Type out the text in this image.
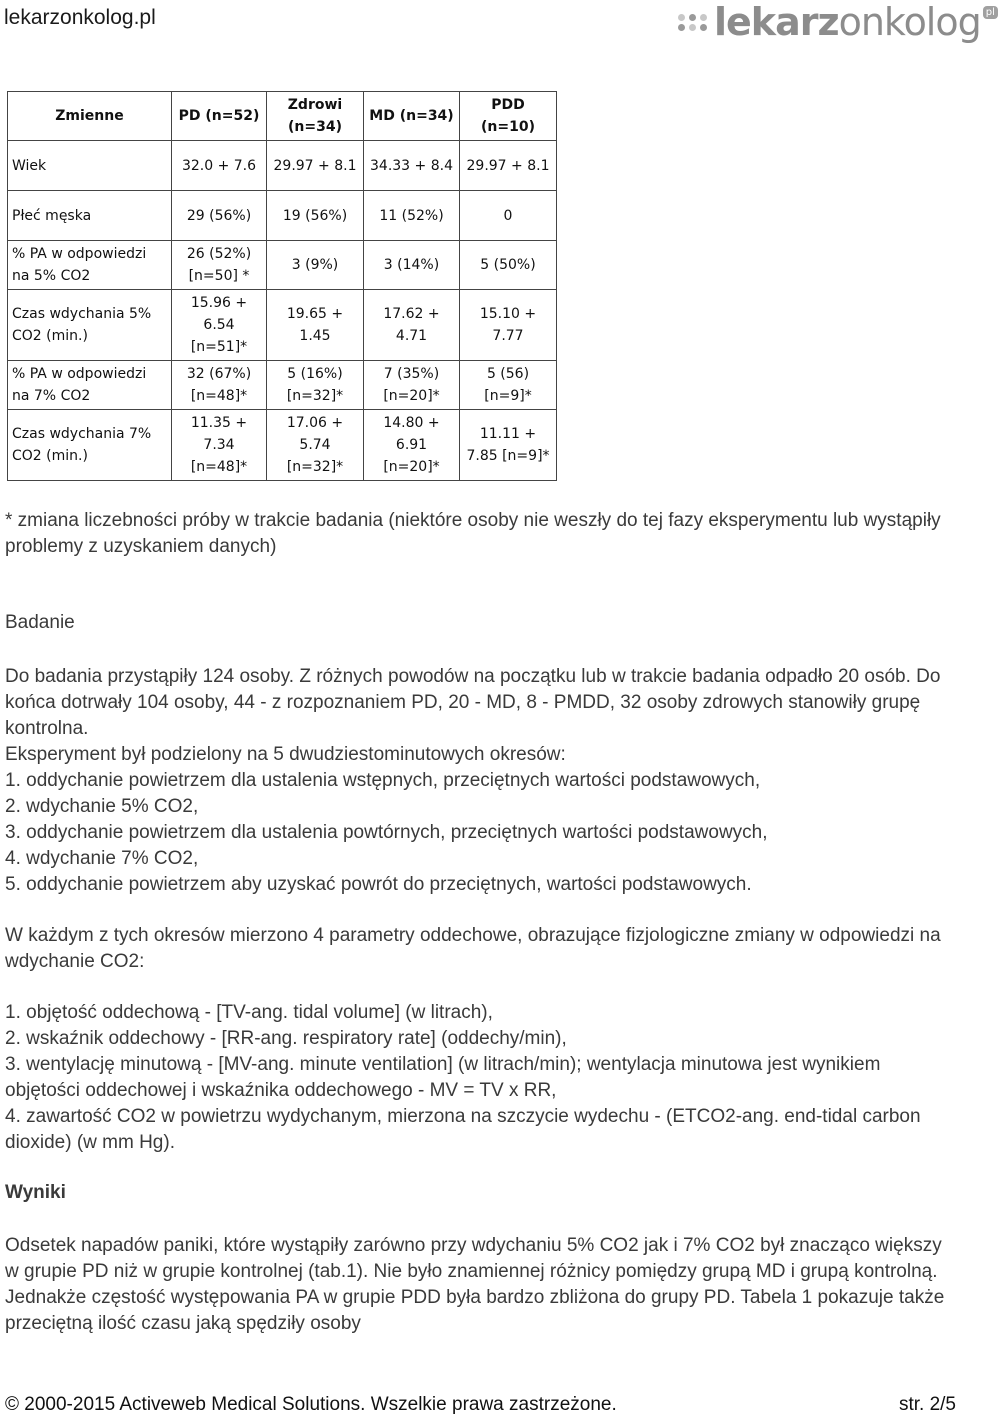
lekarzonkolog.pl	lekarzonkolog pl
Zmienne	PD (n=52)	Zdrowi (n=34)	MD (n=34)	PDD (n=10)
Wiek	32.0 + 7.6	29.97 + 8.1	34.33 + 8.4	29.97 + 8.1
Płeć męska	29 (56%)	19 (56%)	11 (52%)	0
% PA w odpowiedzi na 5% CO2	26 (52%) [n=50] *	3 (9%)	3 (14%)	5 (50%)
Czas wdychania 5% CO2 (min.)	15.96 + 6.54 [n=51]*	19.65 + 1.45	17.62 + 4.71	15.10 + 7.77
% PA w odpowiedzi na 7% CO2	32 (67%) [n=48]*	5 (16%) [n=32]*	7 (35%) [n=20]*	5 (56) [n=9]*
Czas wdychania 7% CO2 (min.)	11.35 + 7.34 [n=48]*	17.06 + 5.74 [n=32]*	14.80 + 6.91 [n=20]*	11.11 + 7.85 [n=9]*

* zmiana liczebności próby w trakcie badania (niektóre osoby nie weszły do tej fazy eksperymentu lub wystąpiły problemy z uzyskaniem danych)

Badanie

Do badania przystąpiły 124 osoby. Z różnych powodów na początku lub w trakcie badania odpadło 20 osób. Do końca dotrwały 104 osoby, 44 - z rozpoznaniem PD, 20 - MD, 8 - PMDD, 32 osoby zdrowych stanowiły grupę kontrolna.

Eksperyment był podzielony na 5 dwudziestominutowych okresów:

1. oddychanie powietrzem dla ustalenia wstępnych, przeciętnych wartości podstawowych,

2. wdychanie 5% CO2,

3. oddychanie powietrzem dla ustalenia powtórnych, przeciętnych wartości podstawowych,

4. wdychanie 7% CO2,

5. oddychanie powietrzem aby uzyskać powrót do przeciętnych, wartości podstawowych.

W każdym z tych okresów mierzono 4 parametry oddechowe, obrazujące fizjologiczne zmiany w odpowiedzi na wdychanie CO2:

1. objętość oddechową - [TV-ang. tidal volume] (w litrach),

2. wskaźnik oddechowy - [RR-ang. respiratory rate] (oddechy/min),

3. wentylację minutową - [MV-ang. minute ventilation] (w litrach/min); wentylacja minutowa jest wynikiem objętości oddechowej i wskaźnika oddechowego - MV = TV x RR,

4. zawartość CO2 w powietrzu wydychanym, mierzona na szczycie wydechu - (ETCO2-ang. end-tidal carbon dioxide) (w mm Hg).

Wyniki

Odsetek napadów paniki, które wystąpiły zarówno przy wdychaniu 5% CO2 jak i 7% CO2 był znacząco większy w grupie PD niż w grupie kontrolnej (tab.1). Nie było znamiennej różnicy pomiędzy grupą MD i grupą kontrolną. Jednakże częstość występowania PA w grupie PDD była bardzo zbliżona do grupy PD. Tabela 1 pokazuje także przeciętną ilość czasu jaką spędziły osoby

© 2000-2015 Activeweb Medical Solutions. Wszelkie prawa zastrzeżone.	str. 2/5
